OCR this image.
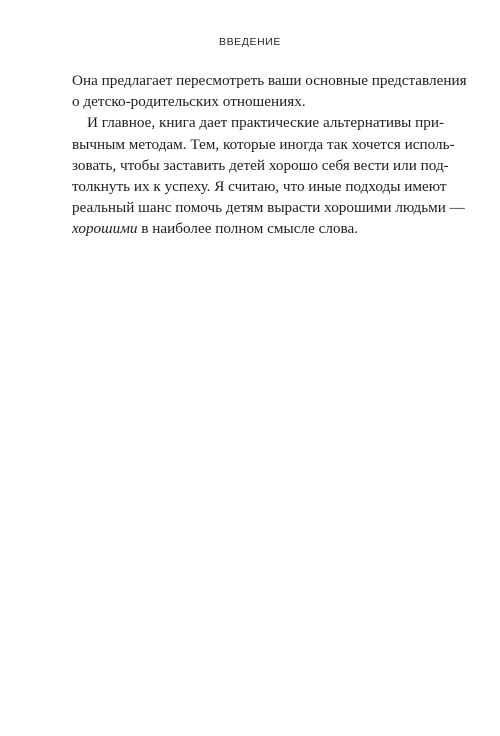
ВВЕДЕНИЕ

Она предлагает пересмотреть ваши основные представления
о детско-родительских отношениях.

И главное, книга дает практические альтернативы при-
вычным методам. Тем, которые иногда так хочется исполь-
зовать, чтобы заставить детей хорошо себя вести или под-
толкнуть их к успеху. Я считаю, что иные подходы имеют
реальный шанс помочь детям вырасти хорошими людьми —
хорошими в наиболее полном смысле слова.
